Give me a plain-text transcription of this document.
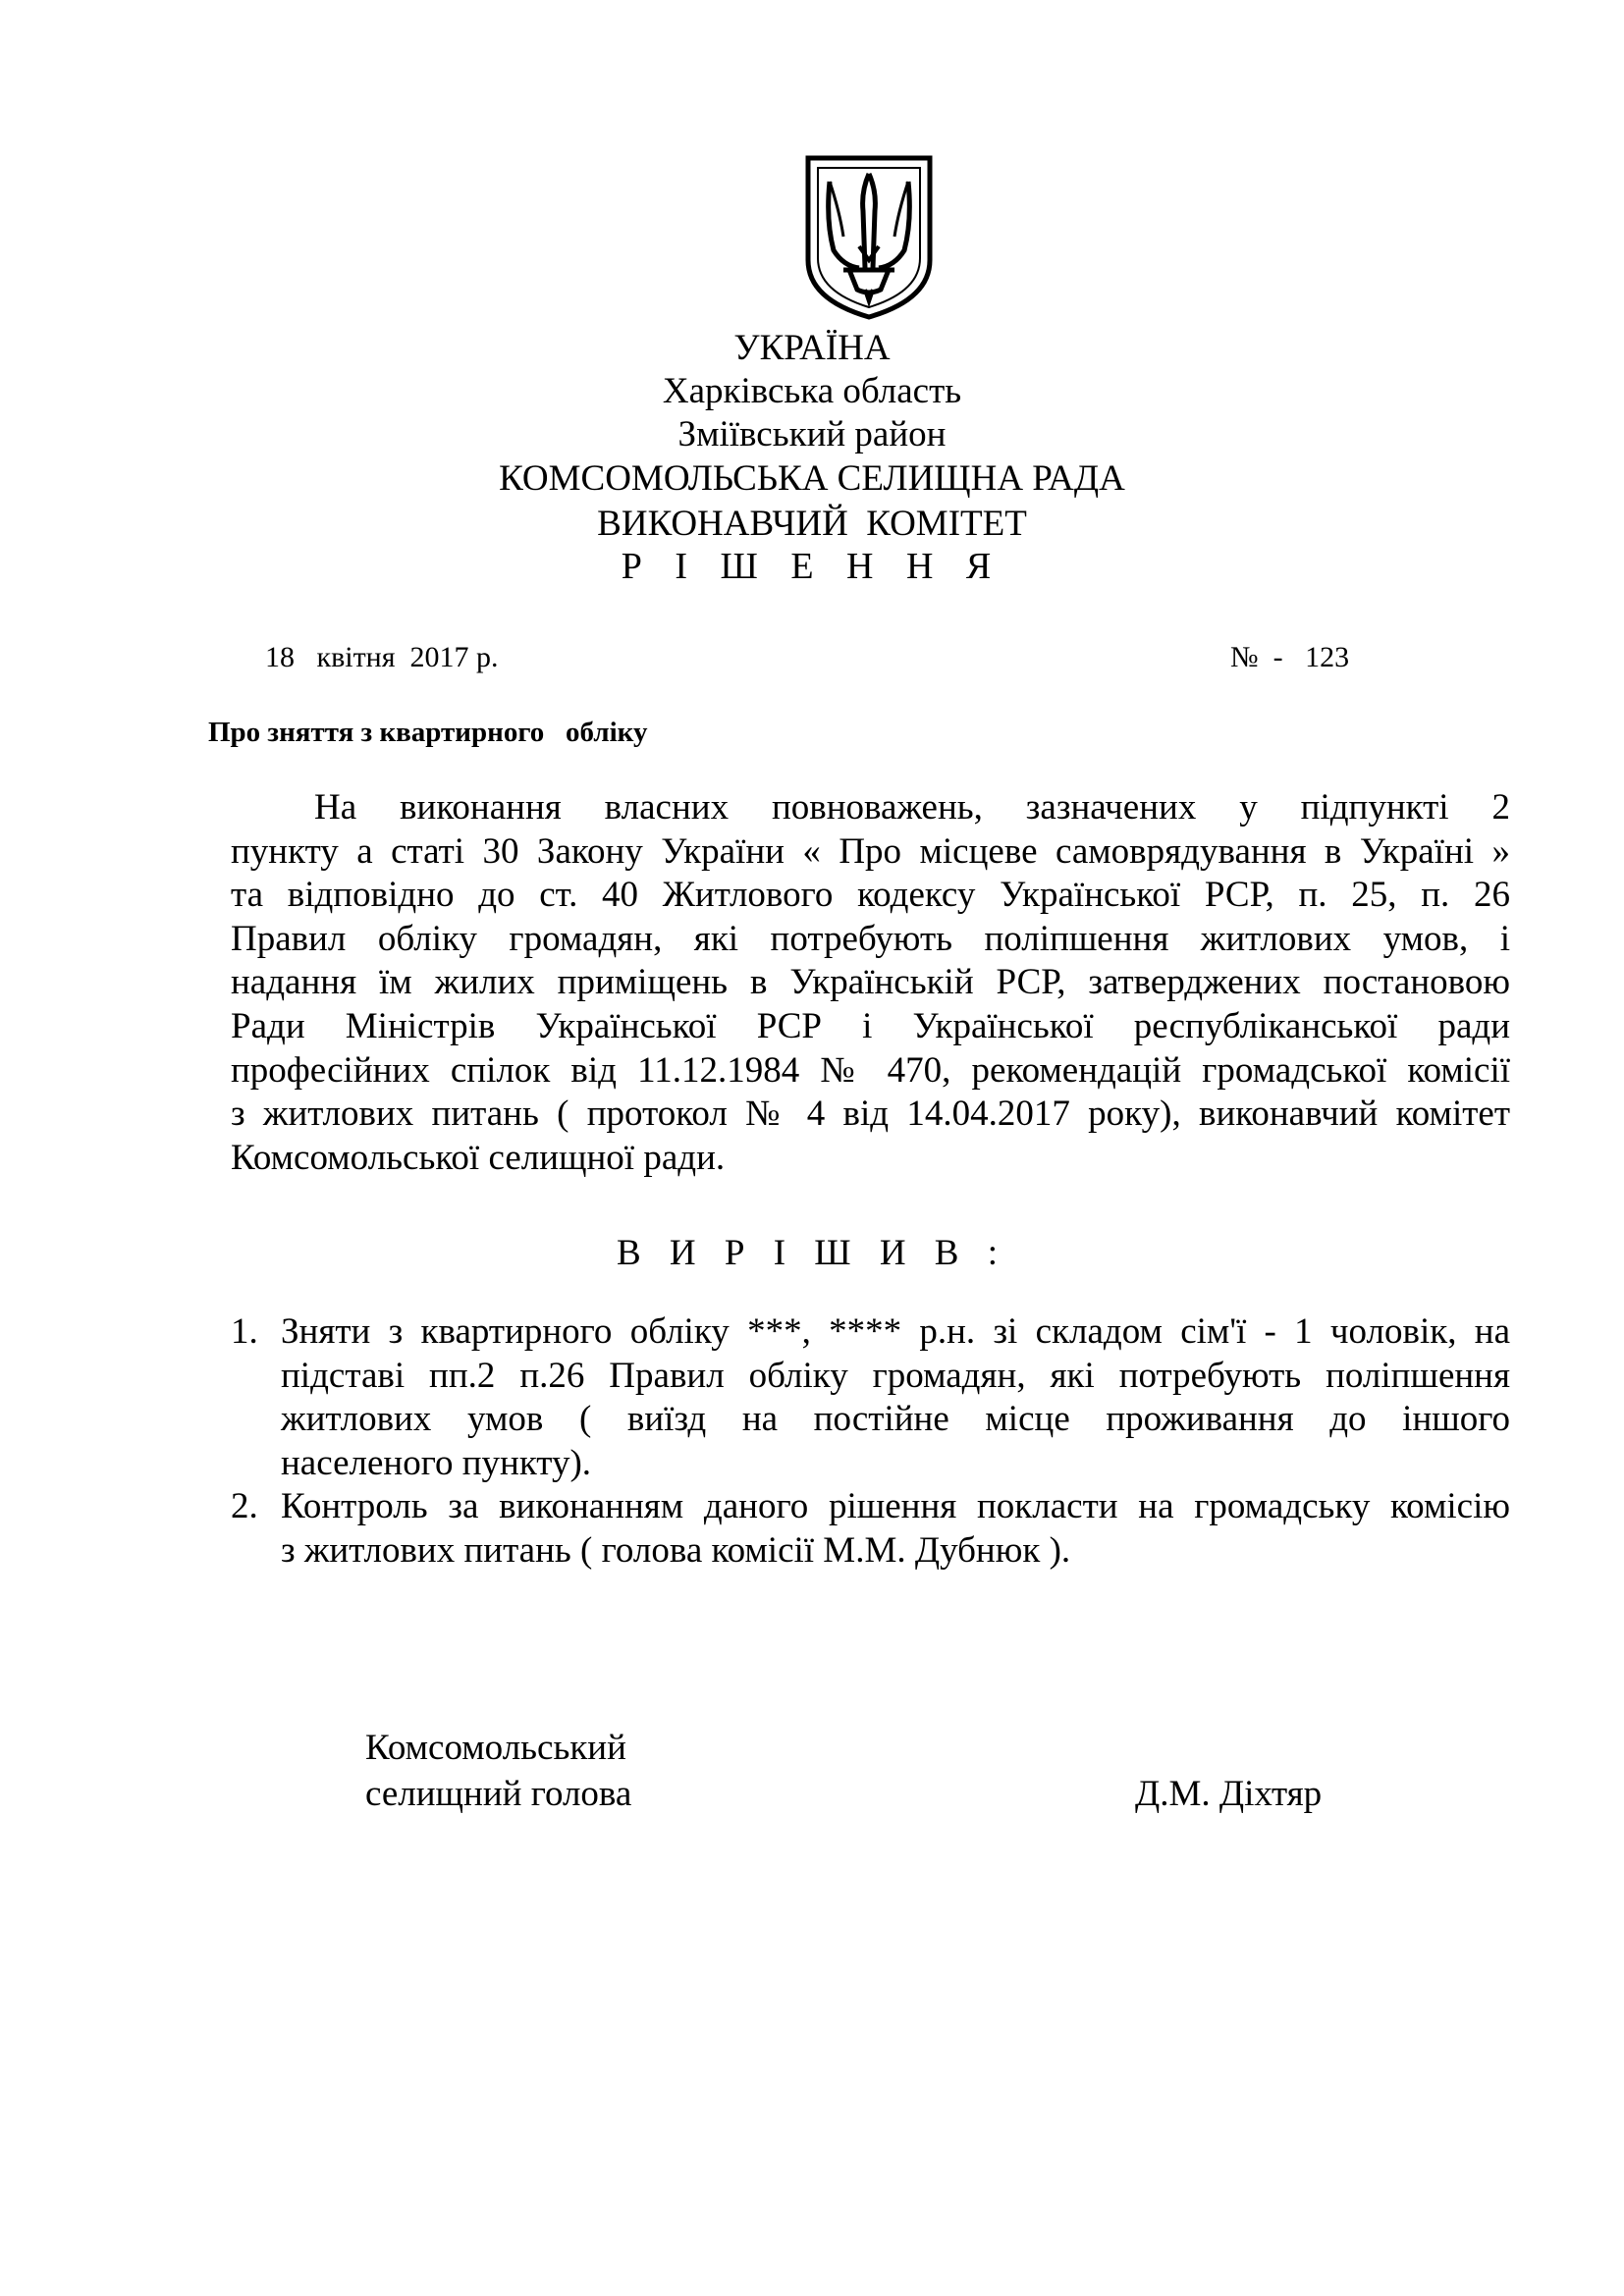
УКРАЇНА
Харківська область
Зміївський район
КОМСОМОЛЬСЬКА СЕЛИЩНА РАДА
ВИКОНАВЧИЙ  КОМІТЕТ
Р І Ш Е Н Н Я
18   квітня  2017 р.	№  -   123
Про зняття з квартирного   обліку
На виконання власних повноважень, зазначених у підпункті 2
пункту а статі 30 Закону України « Про місцеве самоврядування в Україні »
та відповідно до ст. 40 Житлового кодексу Української РСР, п. 25, п. 26
Правил обліку громадян, які потребують поліпшення житлових умов, і
надання їм жилих приміщень в Українській РСР, затверджених постановою
Ради Міністрів Української РСР і Української республіканської ради
професійних спілок від 11.12.1984 № 470, рекомендацій громадської комісії
з житлових питань ( протокол № 4 від 14.04.2017 року), виконавчий комітет
Комсомольської селищної ради.
В И Р І Ш И В :
1. Зняти з квартирного обліку ***, **** р.н. зі складом сім'ї - 1 чоловік, на
підставі пп.2 п.26 Правил обліку громадян, які потребують поліпшення
житлових умов ( виїзд на постійне місце проживання до іншого
населеного пункту).
2. Контроль за виконанням даного рішення покласти на громадську комісію
з житлових питань ( голова комісії М.М. Дубнюк ).
Комсомольський
селищний голова	Д.М. Діхтяр
